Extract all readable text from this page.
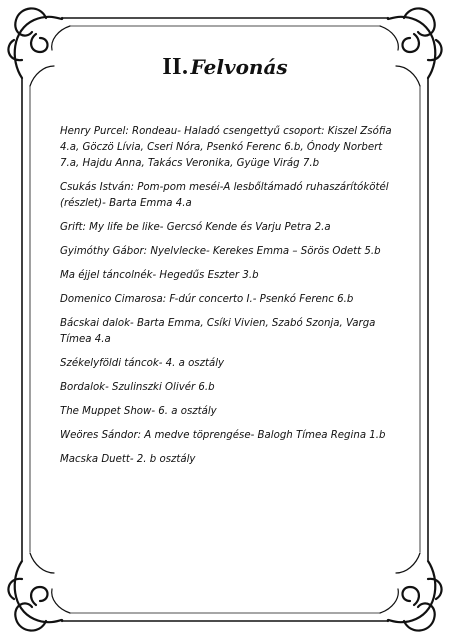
II. Felvonás

Henry Purcel: Rondeau- Haladó csengettyű csoport: Kiszel Zsófia 4.a, Göczö Lívia, Cseri Nóra, Psenkó Ferenc 6.b, Ónody Norbert 7.a, Hajdu Anna, Takács Veronika, Gyüge Virág 7.b

Csukás István: Pom-pom meséi-A lesbőltámadó ruhaszárítókötél (részlet)- Barta Emma 4.a

Grift: My life be like- Gercsó Kende és Varju Petra 2.a

Gyimóthy Gábor: Nyelvlecke- Kerekes Emma – Sörös Odett 5.b

Ma éjjel táncolnék- Hegedűs Eszter 3.b

Domenico Cimarosa: F-dúr concerto I.- Psenkó Ferenc 6.b

Bácskai dalok- Barta Emma, Csíki Vivien, Szabó Szonja, Varga Tímea 4.a

Székelyföldi táncok- 4. a osztály

Bordalok- Szulinszki Olivér 6.b

The Muppet Show- 6. a osztály

Weöres Sándor: A medve töprengése- Balogh Tímea Regina 1.b

Macska Duett- 2. b osztály
